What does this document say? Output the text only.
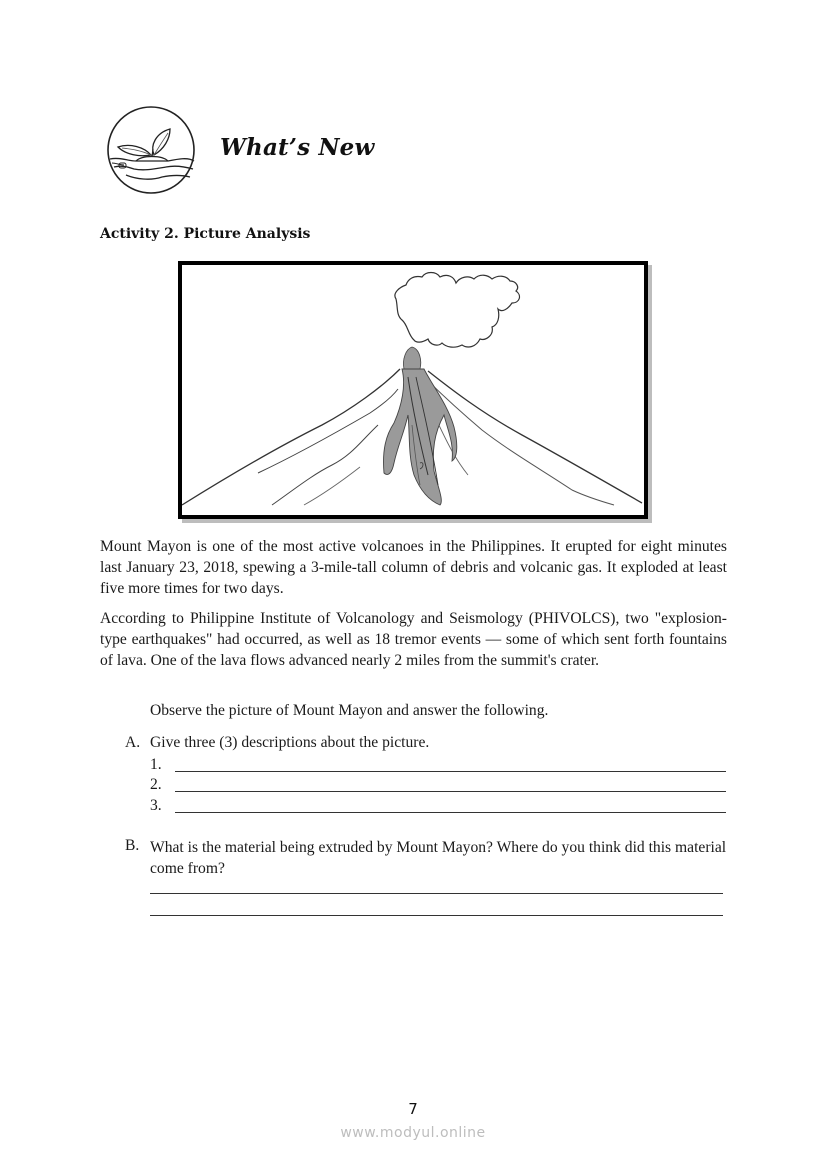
What’s New
Activity 2. Picture Analysis
Mount Mayon is one of the most active volcanoes in the Philippines. It erupted for eight minutes last January 23, 2018, spewing a 3-mile-tall column of debris and volcanic gas. It exploded at least five more times for two days.
According to Philippine Institute of Volcanology and Seismology (PHIVOLCS), two "explosion-type earthquakes" had occurred, as well as 18 tremor events — some of which sent forth fountains of lava. One of the lava flows advanced nearly 2 miles from the summit's crater.
Observe the picture of Mount Mayon and answer the following.
A. Give three (3) descriptions about the picture.
1.
2.
3.
B. What is the material being extruded by Mount Mayon? Where do you think did this material come from?
7
www.modyul.online
